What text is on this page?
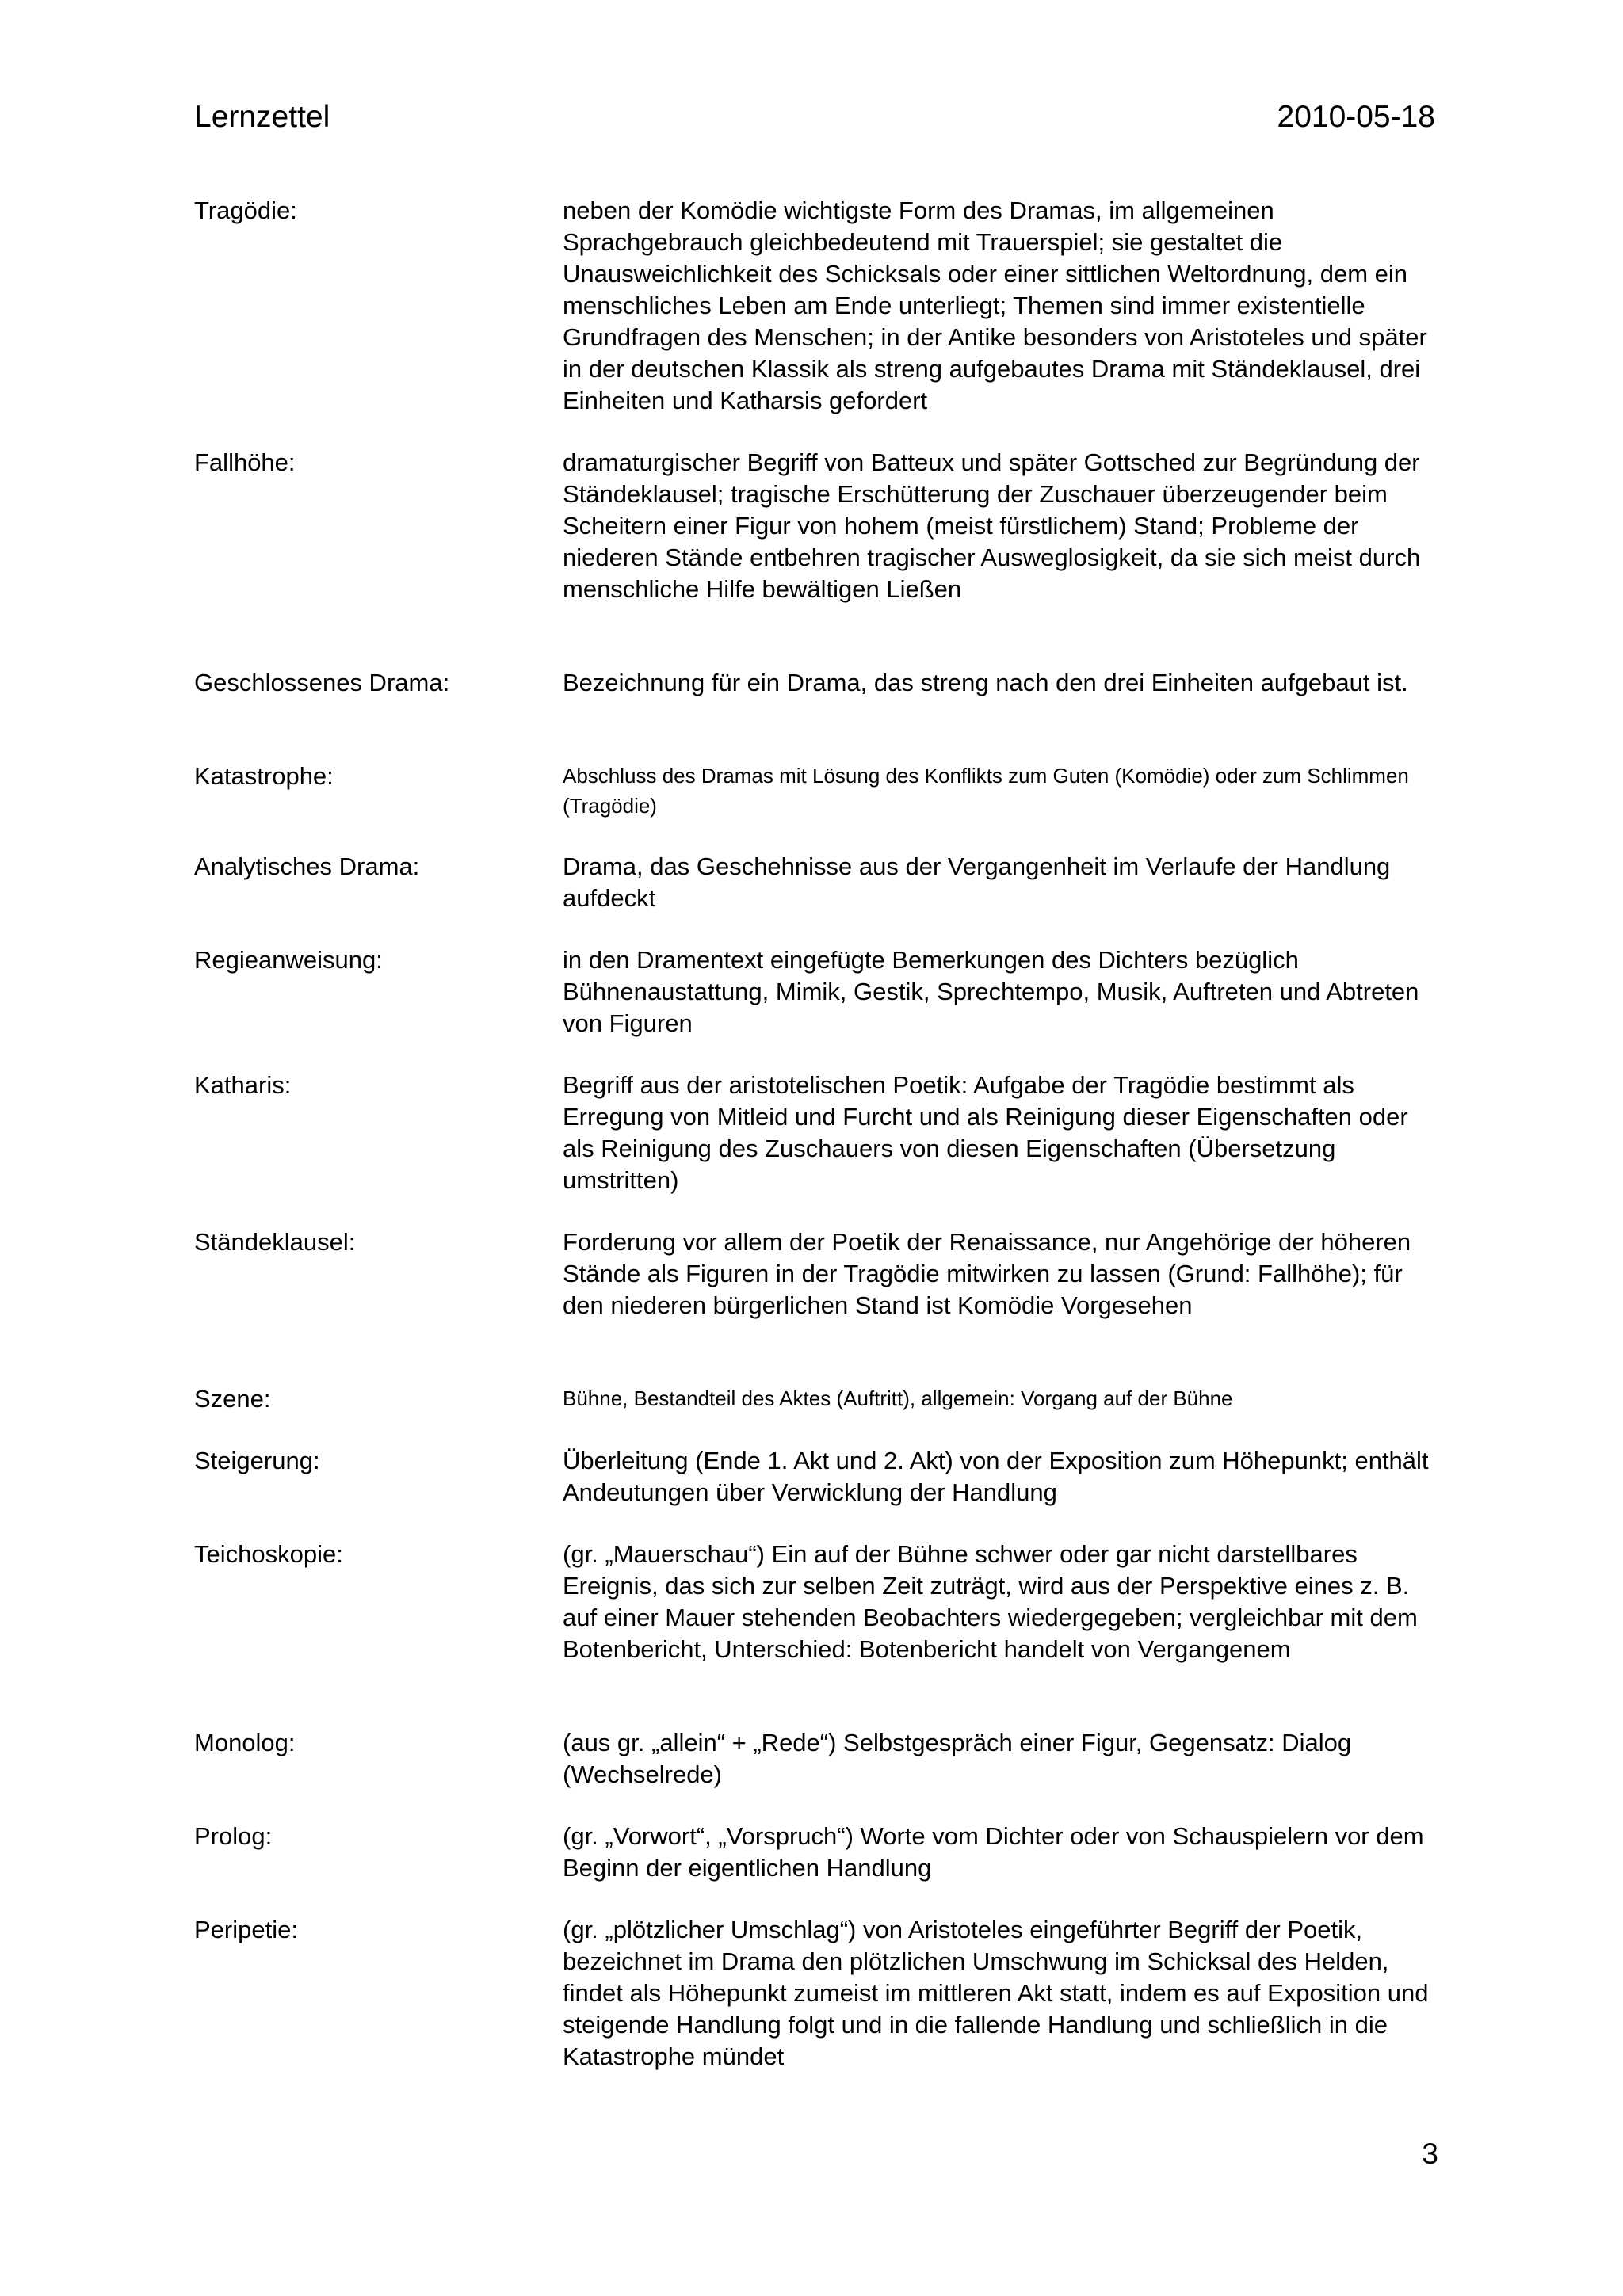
Lernzettel	2010-05-18
Tragödie:	neben der Komödie wichtigste Form des Dramas, im allgemeinen Sprachgebrauch gleichbedeutend mit Trauerspiel; sie gestaltet die Unausweichlichkeit des Schicksals oder einer sittlichen Weltordnung, dem ein menschliches Leben am Ende unterliegt; Themen sind immer existentielle Grundfragen des Menschen; in der Antike besonders von Aristoteles und später in der deutschen Klassik als streng aufgebautes Drama mit Ständeklausel, drei Einheiten und Katharsis gefordert
Fallhöhe:	dramaturgischer Begriff von Batteux und später Gottsched zur Begründung der Ständeklausel; tragische Erschütterung der Zuschauer überzeugender beim Scheitern einer Figur von hohem (meist fürstlichem) Stand; Probleme der niederen Stände entbehren tragischer Ausweglosigkeit, da sie sich meist durch menschliche Hilfe bewältigen Ließen
Geschlossenes Drama:	Bezeichnung für ein Drama, das streng nach den drei Einheiten aufgebaut ist.
Katastrophe:	Abschluss des Dramas mit Lösung des Konflikts zum Guten (Komödie) oder zum Schlimmen (Tragödie)
Analytisches Drama:	Drama, das Geschehnisse aus der Vergangenheit im Verlaufe der Handlung aufdeckt
Regieanweisung:	in den Dramentext eingefügte Bemerkungen des Dichters bezüglich Bühnenaustattung, Mimik, Gestik, Sprechtempo, Musik, Auftreten und Abtreten von Figuren
Katharis:	Begriff aus der aristotelischen Poetik: Aufgabe der Tragödie bestimmt als Erregung von Mitleid und Furcht und als Reinigung dieser Eigenschaften oder als Reinigung des Zuschauers von diesen Eigenschaften (Übersetzung umstritten)
Ständeklausel:	Forderung vor allem der Poetik der Renaissance, nur Angehörige der höheren Stände als Figuren in der Tragödie mitwirken zu lassen (Grund: Fallhöhe); für den niederen bürgerlichen Stand ist Komödie Vorgesehen
Szene:	Bühne, Bestandteil des Aktes (Auftritt), allgemein: Vorgang auf der Bühne
Steigerung:	Überleitung (Ende 1. Akt und 2. Akt) von der Exposition zum Höhepunkt; enthält Andeutungen über Verwicklung der Handlung
Teichoskopie:	(gr. „Mauerschau“) Ein auf der Bühne schwer oder gar nicht darstellbares Ereignis, das sich zur selben Zeit zuträgt, wird aus der Perspektive eines z. B. auf einer Mauer stehenden Beobachters wiedergegeben; vergleichbar mit dem Botenbericht, Unterschied: Botenbericht handelt von Vergangenem
Monolog:	(aus gr. „allein“ + „Rede“) Selbstgespräch einer Figur, Gegensatz: Dialog (Wechselrede)
Prolog:	(gr. „Vorwort“, „Vorspruch“) Worte vom Dichter oder von Schauspielern vor dem Beginn der eigentlichen Handlung
Peripetie:	(gr. „plötzlicher Umschlag“) von Aristoteles eingeführter Begriff der Poetik, bezeichnet im Drama den plötzlichen Umschwung im Schicksal des Helden, findet als Höhepunkt zumeist im mittleren Akt statt, indem es auf Exposition und steigende Handlung folgt und in die fallende Handlung und schließlich in die Katastrophe mündet
3
